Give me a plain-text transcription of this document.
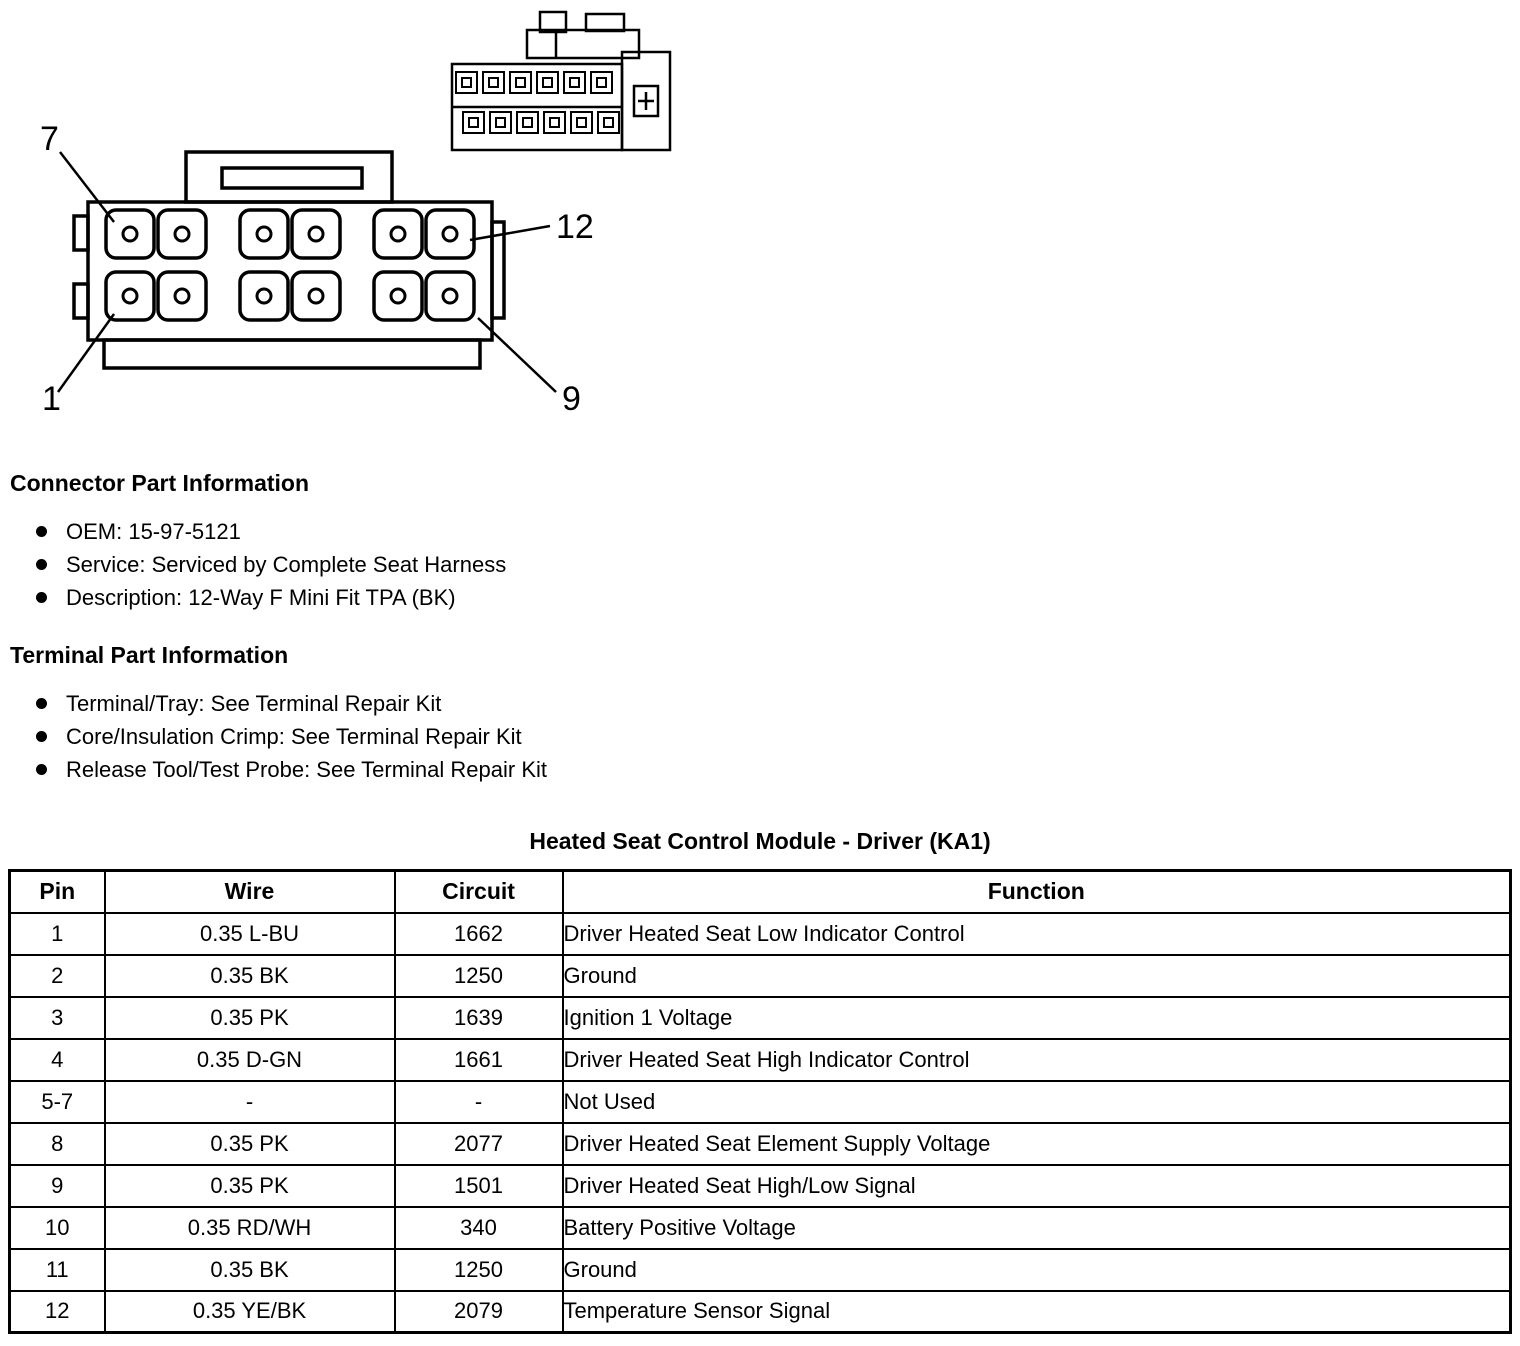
7
12
1	9
Connector Part Information
OEM: 15-97-5121
Service: Serviced by Complete Seat Harness
Description: 12-Way F Mini Fit TPA (BK)
Terminal Part Information
Terminal/Tray: See Terminal Repair Kit
Core/Insulation Crimp: See Terminal Repair Kit
Release Tool/Test Probe: See Terminal Repair Kit
Heated Seat Control Module - Driver (KA1)
Pin	Wire	Circuit	Function
1	0.35 L-BU	1662	Driver Heated Seat Low Indicator Control
2	0.35 BK	1250	Ground
3	0.35 PK	1639	Ignition 1 Voltage
4	0.35 D-GN	1661	Driver Heated Seat High Indicator Control
5-7	-	-	Not Used
8	0.35 PK	2077	Driver Heated Seat Element Supply Voltage
9	0.35 PK	1501	Driver Heated Seat High/Low Signal
10	0.35 RD/WH	340	Battery Positive Voltage
11	0.35 BK	1250	Ground
12	0.35 YE/BK	2079	Temperature Sensor Signal
